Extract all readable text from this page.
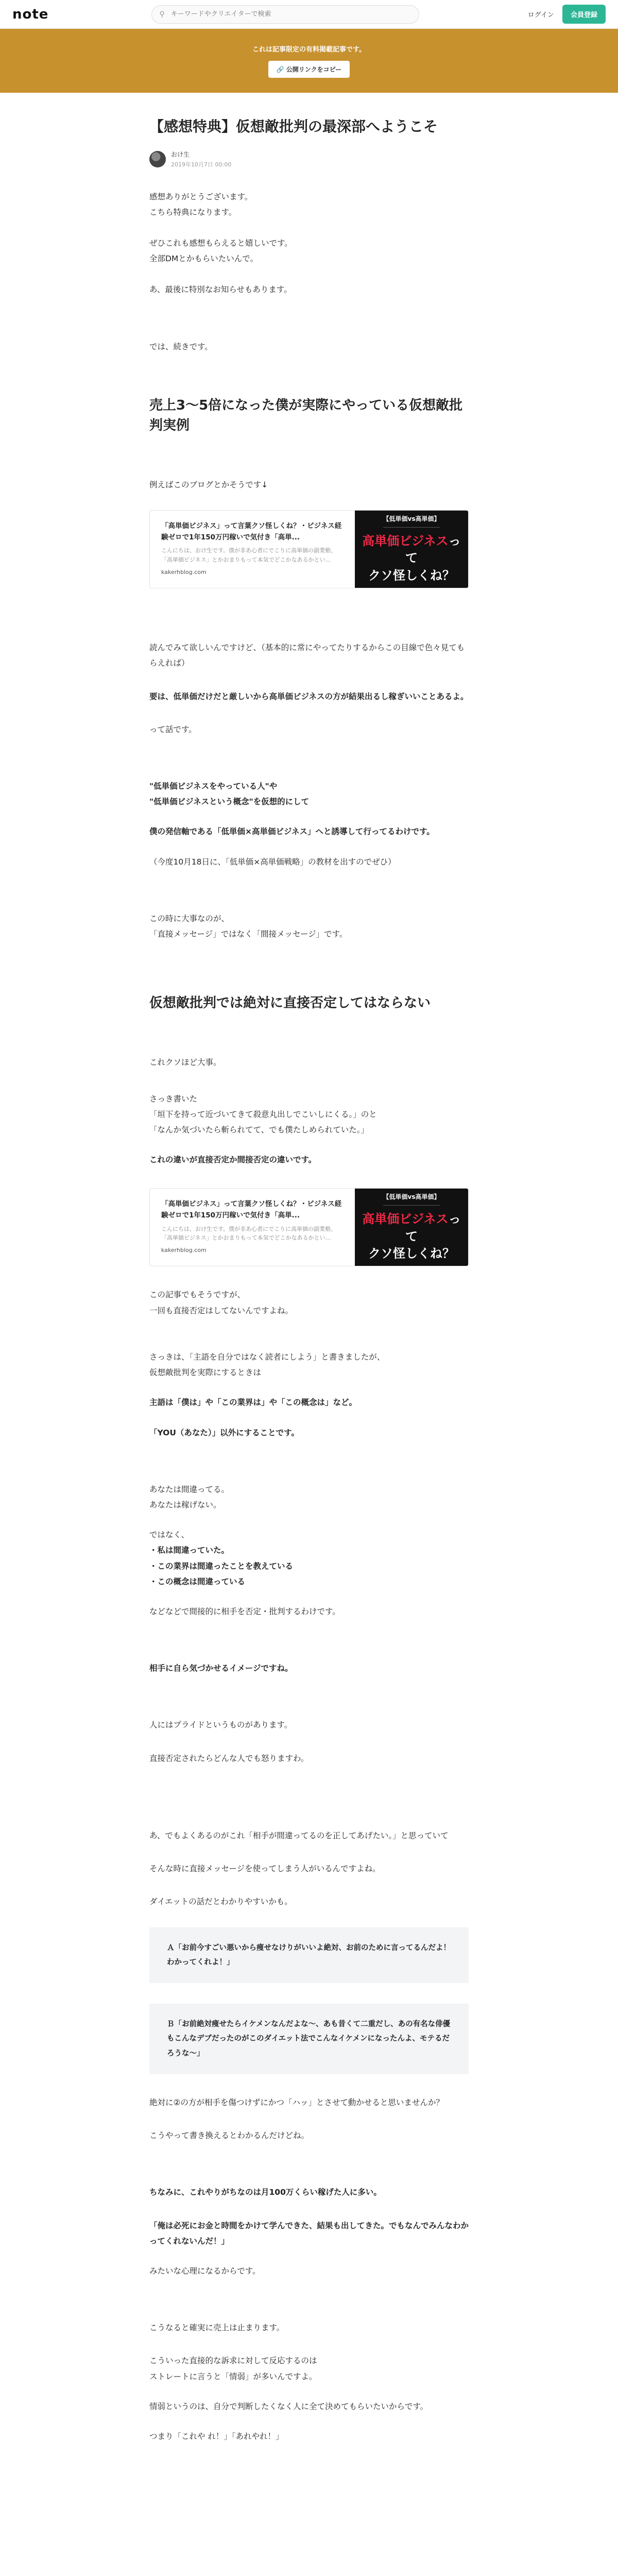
note	⚲
キーワードやクリエイターで検索	ログイン	会員登録
これは記事限定の有料掲載記事です。
🔗 公開リンクをコピー
【感想特典】仮想敵批判の最深部へようこそ
おけ生
2019年10月7日 00:00

感想ありがとうございます。
こちら特典になります。

ぜひこれも感想もらえると嬉しいです。
全部DMとかもらいたいんで。

あ、最後に特別なお知らせもあります。

では、続きです。

売上3〜5倍になった僕が実際にやっている仮想敵批判実例

例えばこのブログとかそうです↓

「高単価ビジネス」って言葉クソ怪しくね？・ビジネス経験ゼロで1年150万円稼いで気付き「高単...
こんにちは、おけ生です。僕が非あ心者にでこりに高単価の副業塾、「高単価ビジネス」とかおまりもって本気でどこかなあるかとい...
kakerhblog.com
【低単価vs高単価】
高単価ビジネスって
クソ怪しくね？

読んでみて欲しいんですけど、（基本的に常にやってたりするからこの目線で色々見てもらえれば）

要は、低単価だけだと厳しいから高単価ビジネスの方が結果出るし稼ぎいいことあるよ。

って話です。

"低単価ビジネスをやっている人"や
"低単価ビジネスという概念"を仮想的にして

僕の発信軸である「低単価×高単価ビジネス」へと誘導して行ってるわけです。

（今度10月18日に、「低単価×高単価戦略」の教材を出すのでぜひ）

この時に大事なのが、
「直接メッセージ」ではなく「間接メッセージ」です。

仮想敵批判では絶対に直接否定してはならない

これクソほど大事。

さっき書いた
「垣下を持って近づいてきて殺意丸出しでこいしにくる。」のと
「なんか気づいたら斬られてて、でも僕たしめられていた。」

これの違いが直接否定か間接否定の違いです。

「高単価ビジネス」って言葉クソ怪しくね？・ビジネス経験ゼロで1年150万円稼いで気付き「高単...
こんにちは、おけ生です。僕が非あ心者にでこりに高単価の副業塾、「高単価ビジネス」とかおまりもって本気でどこかなあるかとい...
kakerhblog.com
【低単価vs高単価】
高単価ビジネスって
クソ怪しくね？

この記事でもそうですが、
一回も直接否定はしてないんですよね。

さっきは、「主語を自分ではなく読者にしよう」と書きましたが、
仮想敵批判を実際にするときは

主語は「僕は」や「この業界は」や「この概念は」など。

「YOU（あなた）」以外にすることです。

あなたは間違ってる。
あなたは稼げない。

ではなく、

・私は間違っていた。
・この業界は間違ったことを教えている
・この概念は間違っている

などなどで間接的に相手を否定・批判するわけです。

相手に自ら気づかせるイメージですね。

人にはプライドというものがあります。

直接否定されたらどんな人でも怒りますわ。

あ、でもよくあるのがこれ「相手が間違ってるのを正してあげたい。」と思っていて

そんな時に直接メッセージを使ってしまう人がいるんですよね。

ダイエットの話だとわかりやすいかも。

Ａ「お前今すごい悪いから痩せなけりがいいよ絶対、お前のために言ってるんだよ！わかってくれよ！」
Ｂ「お前絶対痩せたらイケメンなんだよな〜、あも昔くて二重だし、あの有名な俳優もこんなデブだったのがこのダイエット法でこんなイケメンになったんよ、モテるだろうな〜」

絶対に②の方が相手を傷つけずにかつ「ハッ」とさせて動かせると思いませんか？

こうやって書き換えるとわかるんだけどね。

ちなみに、これやりがちなのは月100万くらい稼げた人に多い。

「俺は必死にお金と時間をかけて学んできた、結果も出してきた。でもなんでみんなわかってくれないんだ！」

みたいな心理になるからです。

こうなると確実に売上は止まります。

こういった直接的な訴求に対して反応するのは
ストレートに言うと「情弱」が多いんですよ。

情弱というのは、自分で判断したくなく人に全て決めてもらいたいからです。

つまり「これや れ！」「あれやれ！」
